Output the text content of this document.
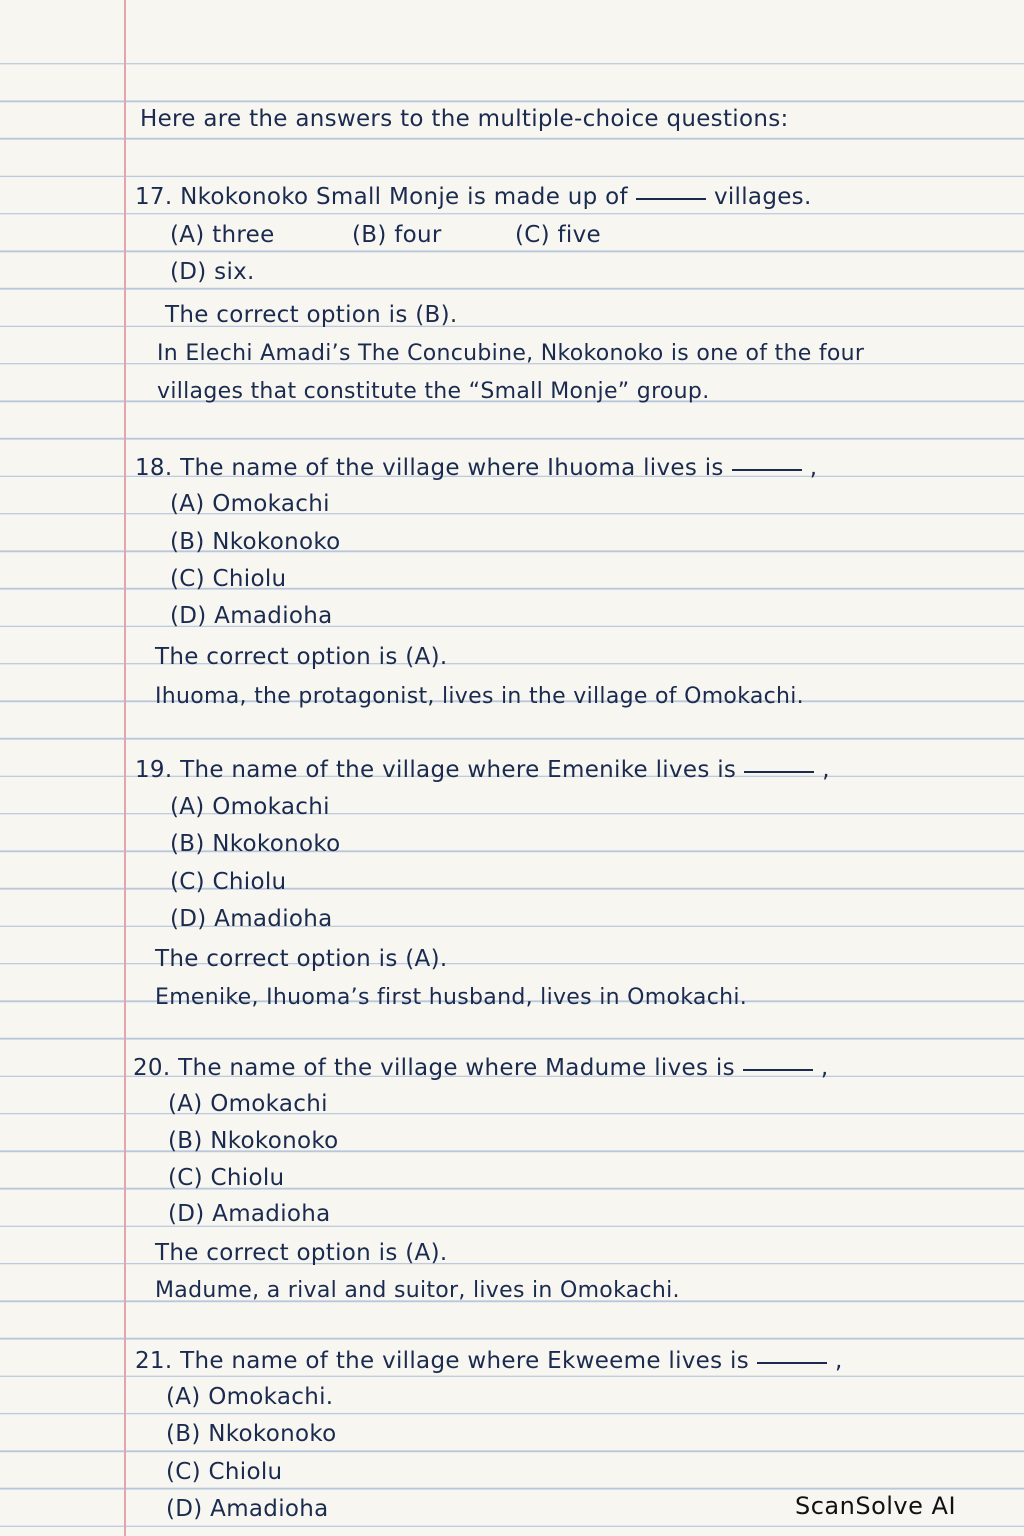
Here are the answers to the multiple-choice questions:
17. Nkokonoko Small Monje is made up of	villages.
(A) three	(B) four	(C) five
(D) six.
The correct option is (B).
In Elechi Amadi’s The Concubine, Nkokonoko is one of the four
villages that constitute the “Small Monje” group.
18. The name of the village where Ihuoma lives is	,
(A) Omokachi
(B) Nkokonoko
(C) Chiolu
(D) Amadioha
The correct option is (A).
Ihuoma, the protagonist, lives in the village of Omokachi.
19. The name of the village where Emenike lives is	,
(A) Omokachi
(B) Nkokonoko
(C) Chiolu
(D) Amadioha
The correct option is (A).
Emenike, Ihuoma’s first husband, lives in Omokachi.
20. The name of the village where Madume lives is	,
(A) Omokachi
(B) Nkokonoko
(C) Chiolu
(D) Amadioha
The correct option is (A).
Madume, a rival and suitor, lives in Omokachi.
21. The name of the village where Ekweeme lives is	,
(A) Omokachi.
(B) Nkokonoko
(C) Chiolu
(D) Amadioha	ScanSolve AI
